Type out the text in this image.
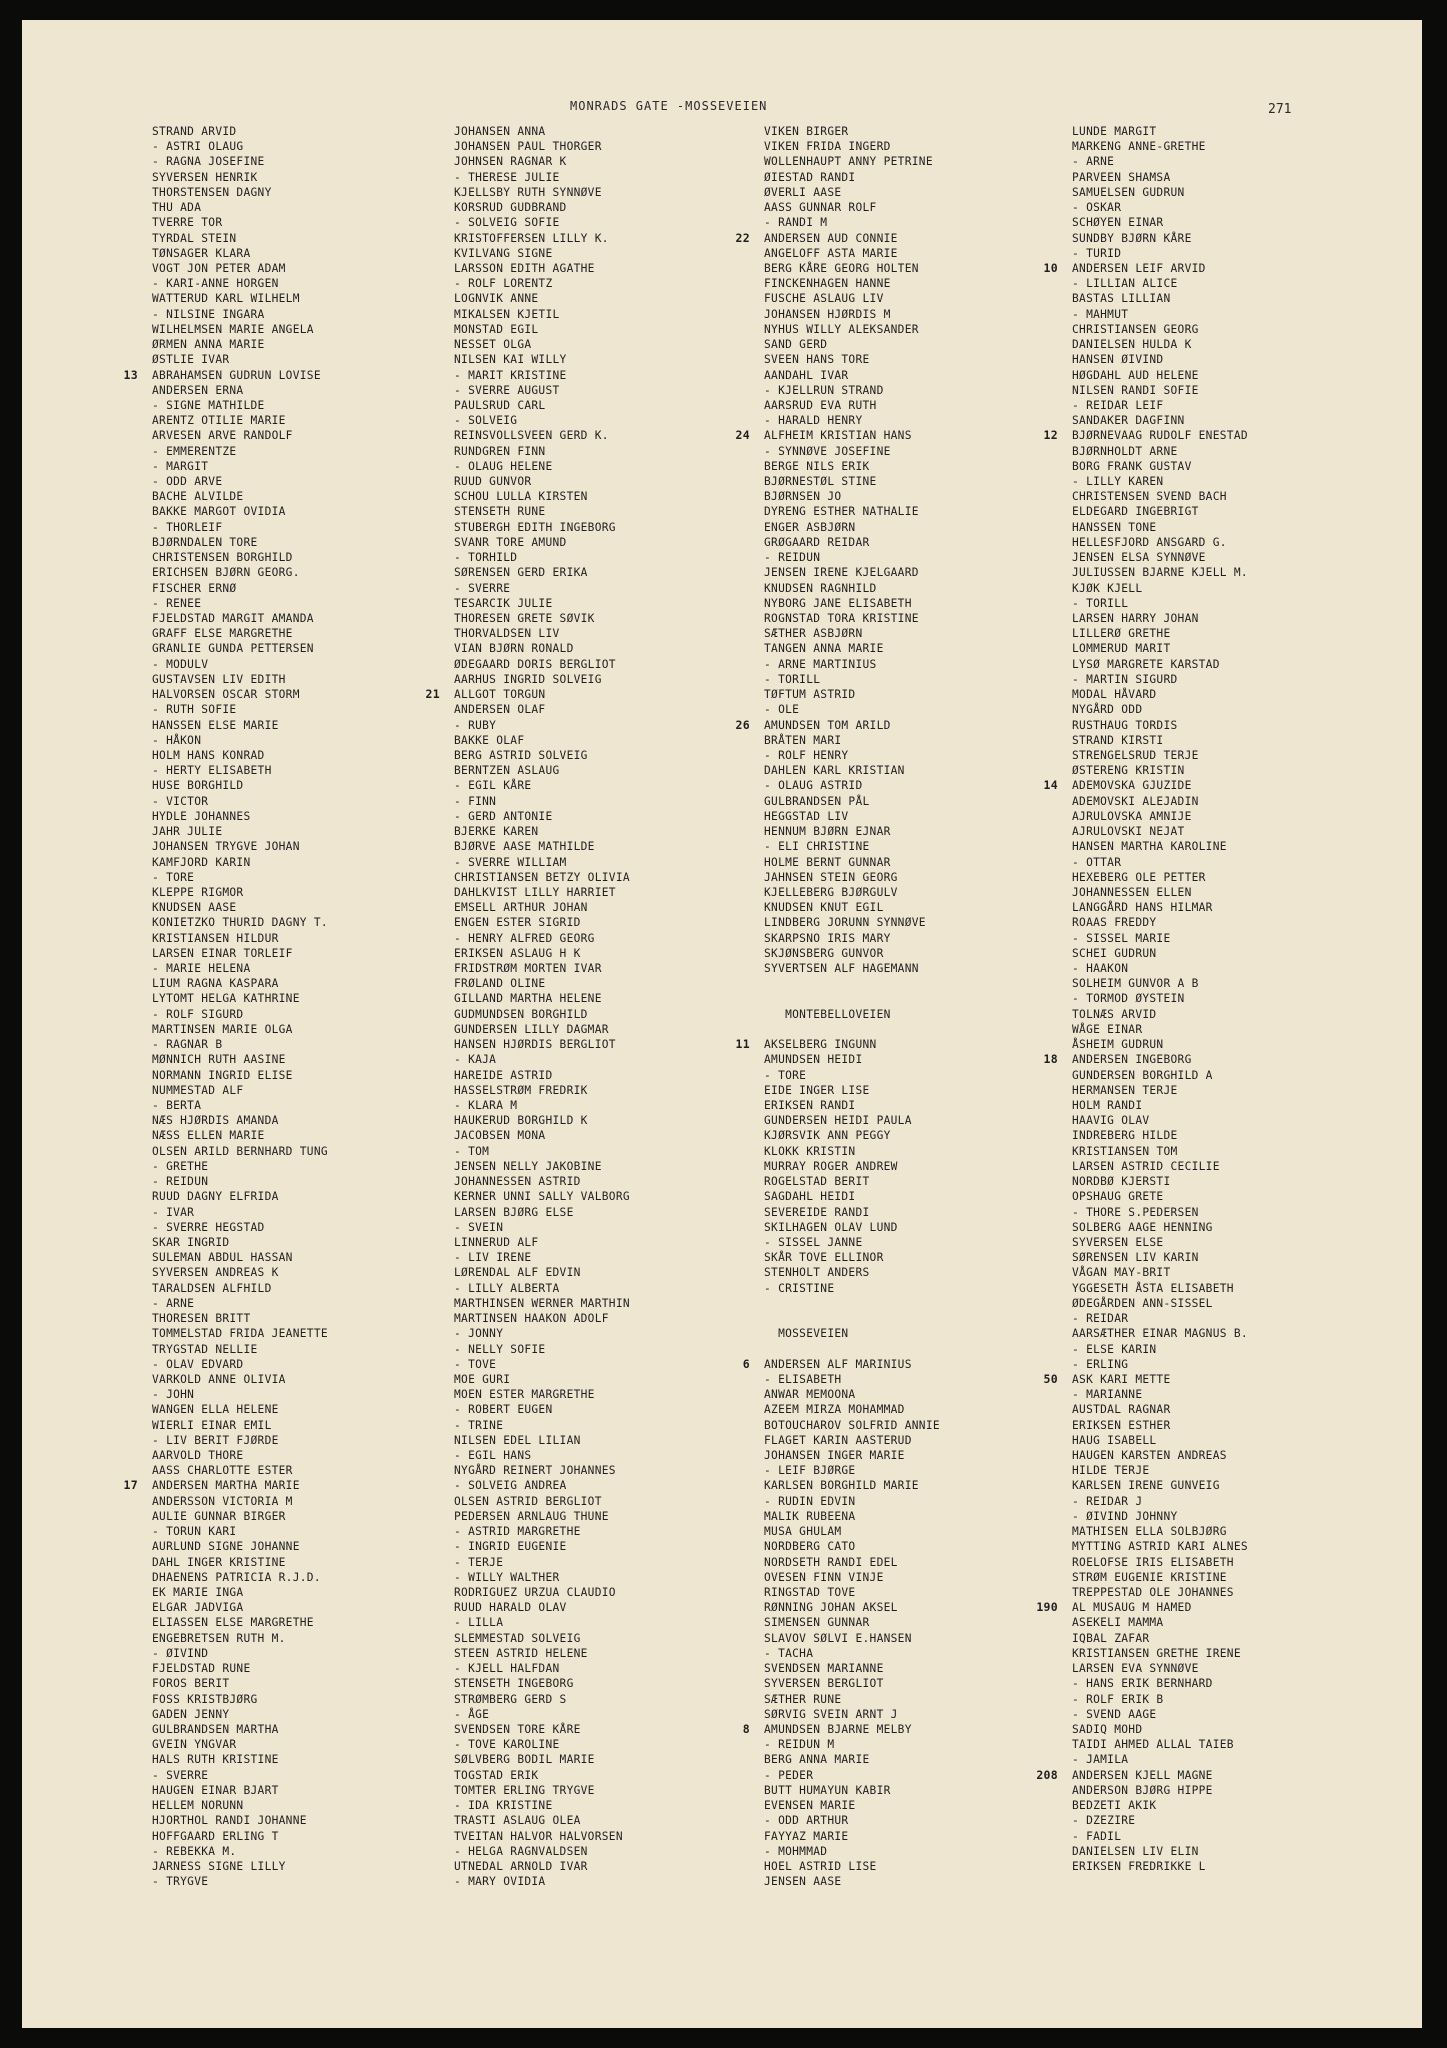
MONRADS GATE -MOSSEVEIEN	271
STRAND ARVID
- ASTRI OLAUG
- RAGNA JOSEFINE
SYVERSEN HENRIK
THORSTENSEN DAGNY
THU ADA
TVERRE TOR
TYRDAL STEIN
TØNSAGER KLARA
VOGT JON PETER ADAM
- KARI-ANNE HORGEN
WATTERUD KARL WILHELM
- NILSINE INGARA
WILHELMSEN MARIE ANGELA
ØRMEN ANNA MARIE
ØSTLIE IVAR
13 ABRAHAMSEN GUDRUN LOVISE
ANDERSEN ERNA
- SIGNE MATHILDE
ARENTZ OTILIE MARIE
ARVESEN ARVE RANDOLF
- EMMERENTZE
- MARGIT
- ODD ARVE
BACHE ALVILDE
BAKKE MARGOT OVIDIA
- THORLEIF
BJØRNDALEN TORE
CHRISTENSEN BORGHILD
ERICHSEN BJØRN GEORG.
FISCHER ERNØ
- RENEE
FJELDSTAD MARGIT AMANDA
GRAFF ELSE MARGRETHE
GRANLIE GUNDA PETTERSEN
- MODULV
GUSTAVSEN LIV EDITH
HALVORSEN OSCAR STORM
- RUTH SOFIE
HANSSEN ELSE MARIE
- HÅKON
HOLM HANS KONRAD
- HERTY ELISABETH
HUSE BORGHILD
- VICTOR
HYDLE JOHANNES
JAHR JULIE
JOHANSEN TRYGVE JOHAN
KAMFJORD KARIN
- TORE
KLEPPE RIGMOR
KNUDSEN AASE
KONIETZKO THURID DAGNY T.
KRISTIANSEN HILDUR
LARSEN EINAR TORLEIF
- MARIE HELENA
LIUM RAGNA KASPARA
LYTOMT HELGA KATHRINE
- ROLF SIGURD
MARTINSEN MARIE OLGA
- RAGNAR B
MØNNICH RUTH AASINE
NORMANN INGRID ELISE
NUMMESTAD ALF
- BERTA
NÆS HJØRDIS AMANDA
NÆSS ELLEN MARIE
OLSEN ARILD BERNHARD TUNG
- GRETHE
- REIDUN
RUUD DAGNY ELFRIDA
- IVAR
- SVERRE HEGSTAD
SKAR INGRID
SULEMAN ABDUL HASSAN
SYVERSEN ANDREAS K
TARALDSEN ALFHILD
- ARNE
THORESEN BRITT
TOMMELSTAD FRIDA JEANETTE
TRYGSTAD NELLIE
- OLAV EDVARD
VARKOLD ANNE OLIVIA
- JOHN
WANGEN ELLA HELENE
WIERLI EINAR EMIL
- LIV BERIT FJØRDE
AARVOLD THORE
AASS CHARLOTTE ESTER
17 ANDERSEN MARTHA MARIE
ANDERSSON VICTORIA M
AULIE GUNNAR BIRGER
- TORUN KARI
AURLUND SIGNE JOHANNE
DAHL INGER KRISTINE
DHAENENS PATRICIA R.J.D.
EK MARIE INGA
ELGAR JADVIGA
ELIASSEN ELSE MARGRETHE
ENGEBRETSEN RUTH M.
- ØIVIND
FJELDSTAD RUNE
FOROS BERIT
FOSS KRISTBJØRG
GADEN JENNY
GULBRANDSEN MARTHA
GVEIN YNGVAR
HALS RUTH KRISTINE
- SVERRE
HAUGEN EINAR BJART
HELLEM NORUNN
HJORTHOL RANDI JOHANNE
HOFFGAARD ERLING T
- REBEKKA M.
JARNESS SIGNE LILLY
- TRYGVE
JOHANSEN ANNA
JOHANSEN PAUL THORGER
JOHNSEN RAGNAR K
- THERESE JULIE
KJELLSBY RUTH SYNNØVE
KORSRUD GUDBRAND
- SOLVEIG SOFIE
KRISTOFFERSEN LILLY K.
KVILVANG SIGNE
LARSSON EDITH AGATHE
- ROLF LORENTZ
LOGNVIK ANNE
MIKALSEN KJETIL
MONSTAD EGIL
NESSET OLGA
NILSEN KAI WILLY
- MARIT KRISTINE
- SVERRE AUGUST
PAULSRUD CARL
- SOLVEIG
REINSVOLLSVEEN GERD K.
RUNDGREN FINN
- OLAUG HELENE
RUUD GUNVOR
SCHOU LULLA KIRSTEN
STENSETH RUNE
STUBERGH EDITH INGEBORG
SVANR TORE AMUND
- TORHILD
SØRENSEN GERD ERIKA
- SVERRE
TESARCIK JULIE
THORESEN GRETE SØVIK
THORVALDSEN LIV
VIAN BJØRN RONALD
ØDEGAARD DORIS BERGLIOT
AARHUS INGRID SOLVEIG
21 ALLGOT TORGUN
ANDERSEN OLAF
- RUBY
BAKKE OLAF
BERG ASTRID SOLVEIG
BERNTZEN ASLAUG
- EGIL KÅRE
- FINN
- GERD ANTONIE
BJERKE KAREN
BJØRVE AASE MATHILDE
- SVERRE WILLIAM
CHRISTIANSEN BETZY OLIVIA
DAHLKVIST LILLY HARRIET
EMSELL ARTHUR JOHAN
ENGEN ESTER SIGRID
- HENRY ALFRED GEORG
ERIKSEN ASLAUG H K
FRIDSTRØM MORTEN IVAR
FRØLAND OLINE
GILLAND MARTHA HELENE
GUDMUNDSEN BORGHILD
GUNDERSEN LILLY DAGMAR
HANSEN HJØRDIS BERGLIOT
- KAJA
HAREIDE ASTRID
HASSELSTRØM FREDRIK
- KLARA M
HAUKERUD BORGHILD K
JACOBSEN MONA
- TOM
JENSEN NELLY JAKOBINE
JOHANNESSEN ASTRID
KERNER UNNI SALLY VALBORG
LARSEN BJØRG ELSE
- SVEIN
LINNERUD ALF
- LIV IRENE
LØRENDAL ALF EDVIN
- LILLY ALBERTA
MARTHINSEN WERNER MARTHIN
MARTINSEN HAAKON ADOLF
- JONNY
- NELLY SOFIE
- TOVE
MOE GURI
MOEN ESTER MARGRETHE
- ROBERT EUGEN
- TRINE
NILSEN EDEL LILIAN
- EGIL HANS
NYGÅRD REINERT JOHANNES
- SOLVEIG ANDREA
OLSEN ASTRID BERGLIOT
PEDERSEN ARNLAUG THUNE
- ASTRID MARGRETHE
- INGRID EUGENIE
- TERJE
- WILLY WALTHER
RODRIGUEZ URZUA CLAUDIO
RUUD HARALD OLAV
- LILLA
SLEMMESTAD SOLVEIG
STEEN ASTRID HELENE
- KJELL HALFDAN
STENSETH INGEBORG
STRØMBERG GERD S
- ÅGE
SVENDSEN TORE KÅRE
- TOVE KAROLINE
SØLVBERG BODIL MARIE
TOGSTAD ERIK
TOMTER ERLING TRYGVE
- IDA KRISTINE
TRASTI ASLAUG OLEA
TVEITAN HALVOR HALVORSEN
- HELGA RAGNVALDSEN
UTNEDAL ARNOLD IVAR
- MARY OVIDIA
VIKEN BIRGER
VIKEN FRIDA INGERD
WOLLENHAUPT ANNY PETRINE
ØIESTAD RANDI
ØVERLI AASE
AASS GUNNAR ROLF
- RANDI M
22 ANDERSEN AUD CONNIE
ANGELOFF ASTA MARIE
BERG KÅRE GEORG HOLTEN
FINCKENHAGEN HANNE
FUSCHE ASLAUG LIV
JOHANSEN HJØRDIS M
NYHUS WILLY ALEKSANDER
SAND GERD
SVEEN HANS TORE
AANDAHL IVAR
- KJELLRUN STRAND
AARSRUD EVA RUTH
- HARALD HENRY
24 ALFHEIM KRISTIAN HANS
- SYNNØVE JOSEFINE
BERGE NILS ERIK
BJØRNESTØL STINE
BJØRNSEN JO
DYRENG ESTHER NATHALIE
ENGER ASBJØRN
GRØGAARD REIDAR
- REIDUN
JENSEN IRENE KJELGAARD
KNUDSEN RAGNHILD
NYBORG JANE ELISABETH
ROGNSTAD TORA KRISTINE
SÆTHER ASBJØRN
TANGEN ANNA MARIE
- ARNE MARTINIUS
- TORILL
TØFTUM ASTRID
- OLE
26 AMUNDSEN TOM ARILD
BRÅTEN MARI
- ROLF HENRY
DAHLEN KARL KRISTIAN
- OLAUG ASTRID
GULBRANDSEN PÅL
HEGGSTAD LIV
HENNUM BJØRN EJNAR
- ELI CHRISTINE
HOLME BERNT GUNNAR
JAHNSEN STEIN GEORG
KJELLEBERG BJØRGULV
KNUDSEN KNUT EGIL
LINDBERG JORUNN SYNNØVE
SKARPSNO IRIS MARY
SKJØNSBERG GUNVOR
SYVERTSEN ALF HAGEMANN
MONTEBELLOVEIEN
11 AKSELBERG INGUNN
AMUNDSEN HEIDI
- TORE
EIDE INGER LISE
ERIKSEN RANDI
GUNDERSEN HEIDI PAULA
KJØRSVIK ANN PEGGY
KLOKK KRISTIN
MURRAY ROGER ANDREW
ROGELSTAD BERIT
SAGDAHL HEIDI
SEVEREIDE RANDI
SKILHAGEN OLAV LUND
- SISSEL JANNE
SKÅR TOVE ELLINOR
STENHOLT ANDERS
- CRISTINE
MOSSEVEIEN
6 ANDERSEN ALF MARINIUS
- ELISABETH
ANWAR MEMOONA
AZEEM MIRZA MOHAMMAD
BOTOUCHAROV SOLFRID ANNIE
FLAGET KARIN AASTERUD
JOHANSEN INGER MARIE
- LEIF BJØRGE
KARLSEN BORGHILD MARIE
- RUDIN EDVIN
MALIK RUBEENA
MUSA GHULAM
NORDBERG CATO
NORDSETH RANDI EDEL
OVESEN FINN VINJE
RINGSTAD TOVE
RØNNING JOHAN AKSEL
SIMENSEN GUNNAR
SLAVOV SØLVI E.HANSEN
- TACHA
SVENDSEN MARIANNE
SYVERSEN BERGLIOT
SÆTHER RUNE
SØRVIG SVEIN ARNT J
8 AMUNDSEN BJARNE MELBY
- REIDUN M
BERG ANNA MARIE
- PEDER
BUTT HUMAYUN KABIR
EVENSEN MARIE
- ODD ARTHUR
FAYYAZ MARIE
- MOHMMAD
HOEL ASTRID LISE
JENSEN AASE
LUNDE MARGIT
MARKENG ANNE-GRETHE
- ARNE
PARVEEN SHAMSA
SAMUELSEN GUDRUN
- OSKAR
SCHØYEN EINAR
SUNDBY BJØRN KÅRE
- TURID
10 ANDERSEN LEIF ARVID
- LILLIAN ALICE
BASTAS LILLIAN
- MAHMUT
CHRISTIANSEN GEORG
DANIELSEN HULDA K
HANSEN ØIVIND
HØGDAHL AUD HELENE
NILSEN RANDI SOFIE
- REIDAR LEIF
SANDAKER DAGFINN
12 BJØRNEVAAG RUDOLF ENESTAD
BJØRNHOLDT ARNE
BORG FRANK GUSTAV
- LILLY KAREN
CHRISTENSEN SVEND BACH
ELDEGARD INGEBRIGT
HANSSEN TONE
HELLESFJORD ANSGARD G.
JENSEN ELSA SYNNØVE
JULIUSSEN BJARNE KJELL M.
KJØK KJELL
- TORILL
LARSEN HARRY JOHAN
LILLERØ GRETHE
LOMMERUD MARIT
LYSØ MARGRETE KARSTAD
- MARTIN SIGURD
MODAL HÅVARD
NYGÅRD ODD
RUSTHAUG TORDIS
STRAND KIRSTI
STRENGELSRUD TERJE
ØSTERENG KRISTIN
14 ADEMOVSKA GJUZIDE
ADEMOVSKI ALEJADIN
AJRULOVSKA AMNIJE
AJRULOVSKI NEJAT
HANSEN MARTHA KAROLINE
- OTTAR
HEXEBERG OLE PETTER
JOHANNESSEN ELLEN
LANGGÅRD HANS HILMAR
ROAAS FREDDY
- SISSEL MARIE
SCHEI GUDRUN
- HAAKON
SOLHEIM GUNVOR A B
- TORMOD ØYSTEIN
TOLNÆS ARVID
WÅGE EINAR
ÅSHEIM GUDRUN
18 ANDERSEN INGEBORG
GUNDERSEN BORGHILD A
HERMANSEN TERJE
HOLM RANDI
HAAVIG OLAV
INDREBERG HILDE
KRISTIANSEN TOM
LARSEN ASTRID CECILIE
NORDBØ KJERSTI
OPSHAUG GRETE
- THORE S.PEDERSEN
SOLBERG AAGE HENNING
SYVERSEN ELSE
SØRENSEN LIV KARIN
VÅGAN MAY-BRIT
YGGESETH ÅSTA ELISABETH
ØDEGÅRDEN ANN-SISSEL
- REIDAR
AARSÆTHER EINAR MAGNUS B.
- ELSE KARIN
- ERLING
50 ASK KARI METTE
- MARIANNE
AUSTDAL RAGNAR
ERIKSEN ESTHER
HAUG ISABELL
HAUGEN KARSTEN ANDREAS
HILDE TERJE
KARLSEN IRENE GUNVEIG
- REIDAR J
- ØIVIND JOHNNY
MATHISEN ELLA SOLBJØRG
MYTTING ASTRID KARI ALNES
ROELOFSE IRIS ELISABETH
STRØM EUGENIE KRISTINE
TREPPESTAD OLE JOHANNES
190 AL MUSAUG M HAMED
ASEKELI MAMMA
IQBAL ZAFAR
KRISTIANSEN GRETHE IRENE
LARSEN EVA SYNNØVE
- HANS ERIK BERNHARD
- ROLF ERIK B
- SVEND AAGE
SADIQ MOHD
TAIDI AHMED ALLAL TAIEB
- JAMILA
208 ANDERSEN KJELL MAGNE
ANDERSON BJØRG HIPPE
BEDZETI AKIK
- DZEZIRE
- FADIL
DANIELSEN LIV ELIN
ERIKSEN FREDRIKKE L
